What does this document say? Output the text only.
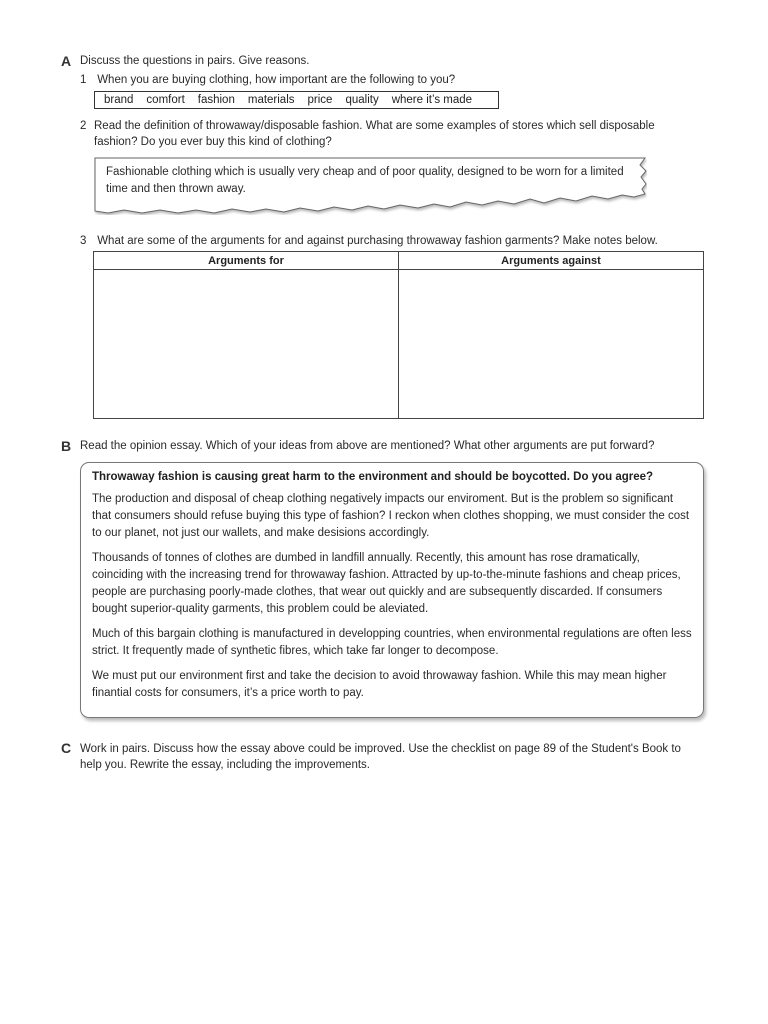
A Discuss the questions in pairs. Give reasons.
1 When you are buying clothing, how important are the following to you?
brand comfort fashion materials price quality where it’s made
2 Read the definition of throwaway/disposable fashion. What are some examples of stores which sell disposable
fashion? Do you ever buy this kind of clothing?
Fashionable clothing which is usually very cheap and of poor quality, designed to be worn for a limited time and then thrown away.
3 What are some of the arguments for and against purchasing throwaway fashion garments? Make notes below.
Arguments for	Arguments against

B Read the opinion essay. Which of your ideas from above are mentioned? What other arguments are put forward?
Throwaway fashion is causing great harm to the environment and should be boycotted. Do you agree?

The production and disposal of cheap clothing negatively impacts our enviroment. But is the problem so significant that consumers should refuse buying this type of fashion? I reckon when clothes shopping, we must consider the cost to our planet, not just our wallets, and make desisions accordingly.

Thousands of tonnes of clothes are dumbed in landfill annually. Recently, this amount has rose dramatically, coinciding with the increasing trend for throwaway fashion. Attracted by up-to-the-minute fashions and cheap prices, people are purchasing poorly-made clothes, that wear out quickly and are subsequently discarded. If consumers bought superior-quality garments, this problem could be aleviated.

Much of this bargain clothing is manufactured in developping countries, when environmental regulations are often less strict. It frequently made of synthetic fibres, which take far longer to decompose.

We must put our environment first and take the decision to avoid throwaway fashion. While this may mean higher finantial costs for consumers, it’s a price worth to pay.

C Work in pairs. Discuss how the essay above could be improved. Use the checklist on page 89 of the Student's Book to
help you. Rewrite the essay, including the improvements.
